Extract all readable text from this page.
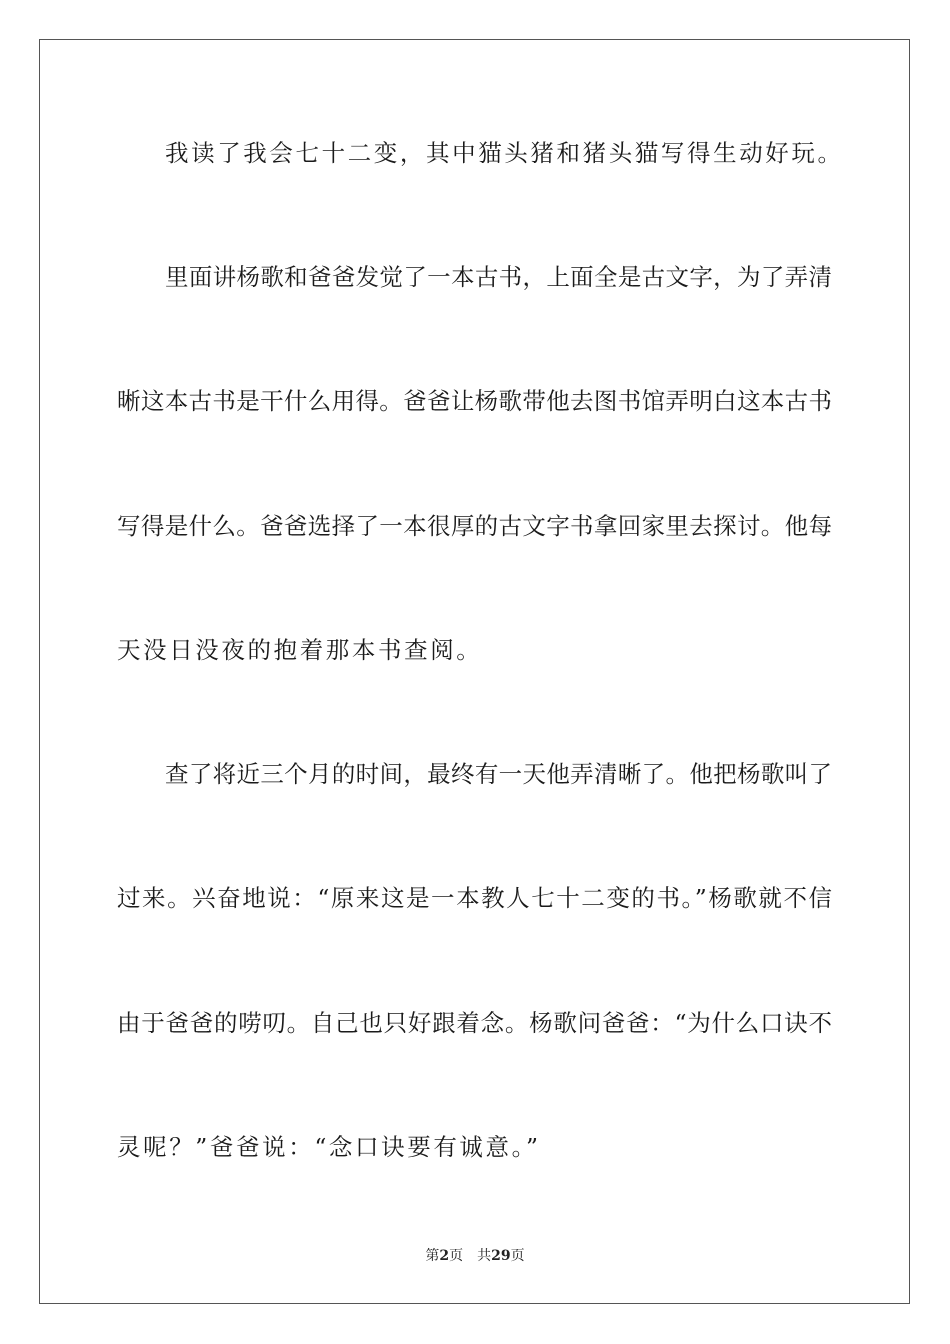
我读了我会七十二变，其中猫头猪和猪头猫写得生动好玩。

里面讲杨歌和爸爸发觉了一本古书，上面全是古文字，为了弄清

晰这本古书是干什么用得。爸爸让杨歌带他去图书馆弄明白这本古书

写得是什么。爸爸选择了一本很厚的古文字书拿回家里去探讨。他每

天没日没夜的抱着那本书查阅。

查了将近三个月的时间，最终有一天他弄清晰了。他把杨歌叫了

过来。兴奋地说：“原来这是一本教人七十二变的书。”杨歌就不信

由于爸爸的唠叨。自己也只好跟着念。杨歌问爸爸：“为什么口诀不

灵呢？”爸爸说：“念口诀要有诚意。”

第2页 共29页
